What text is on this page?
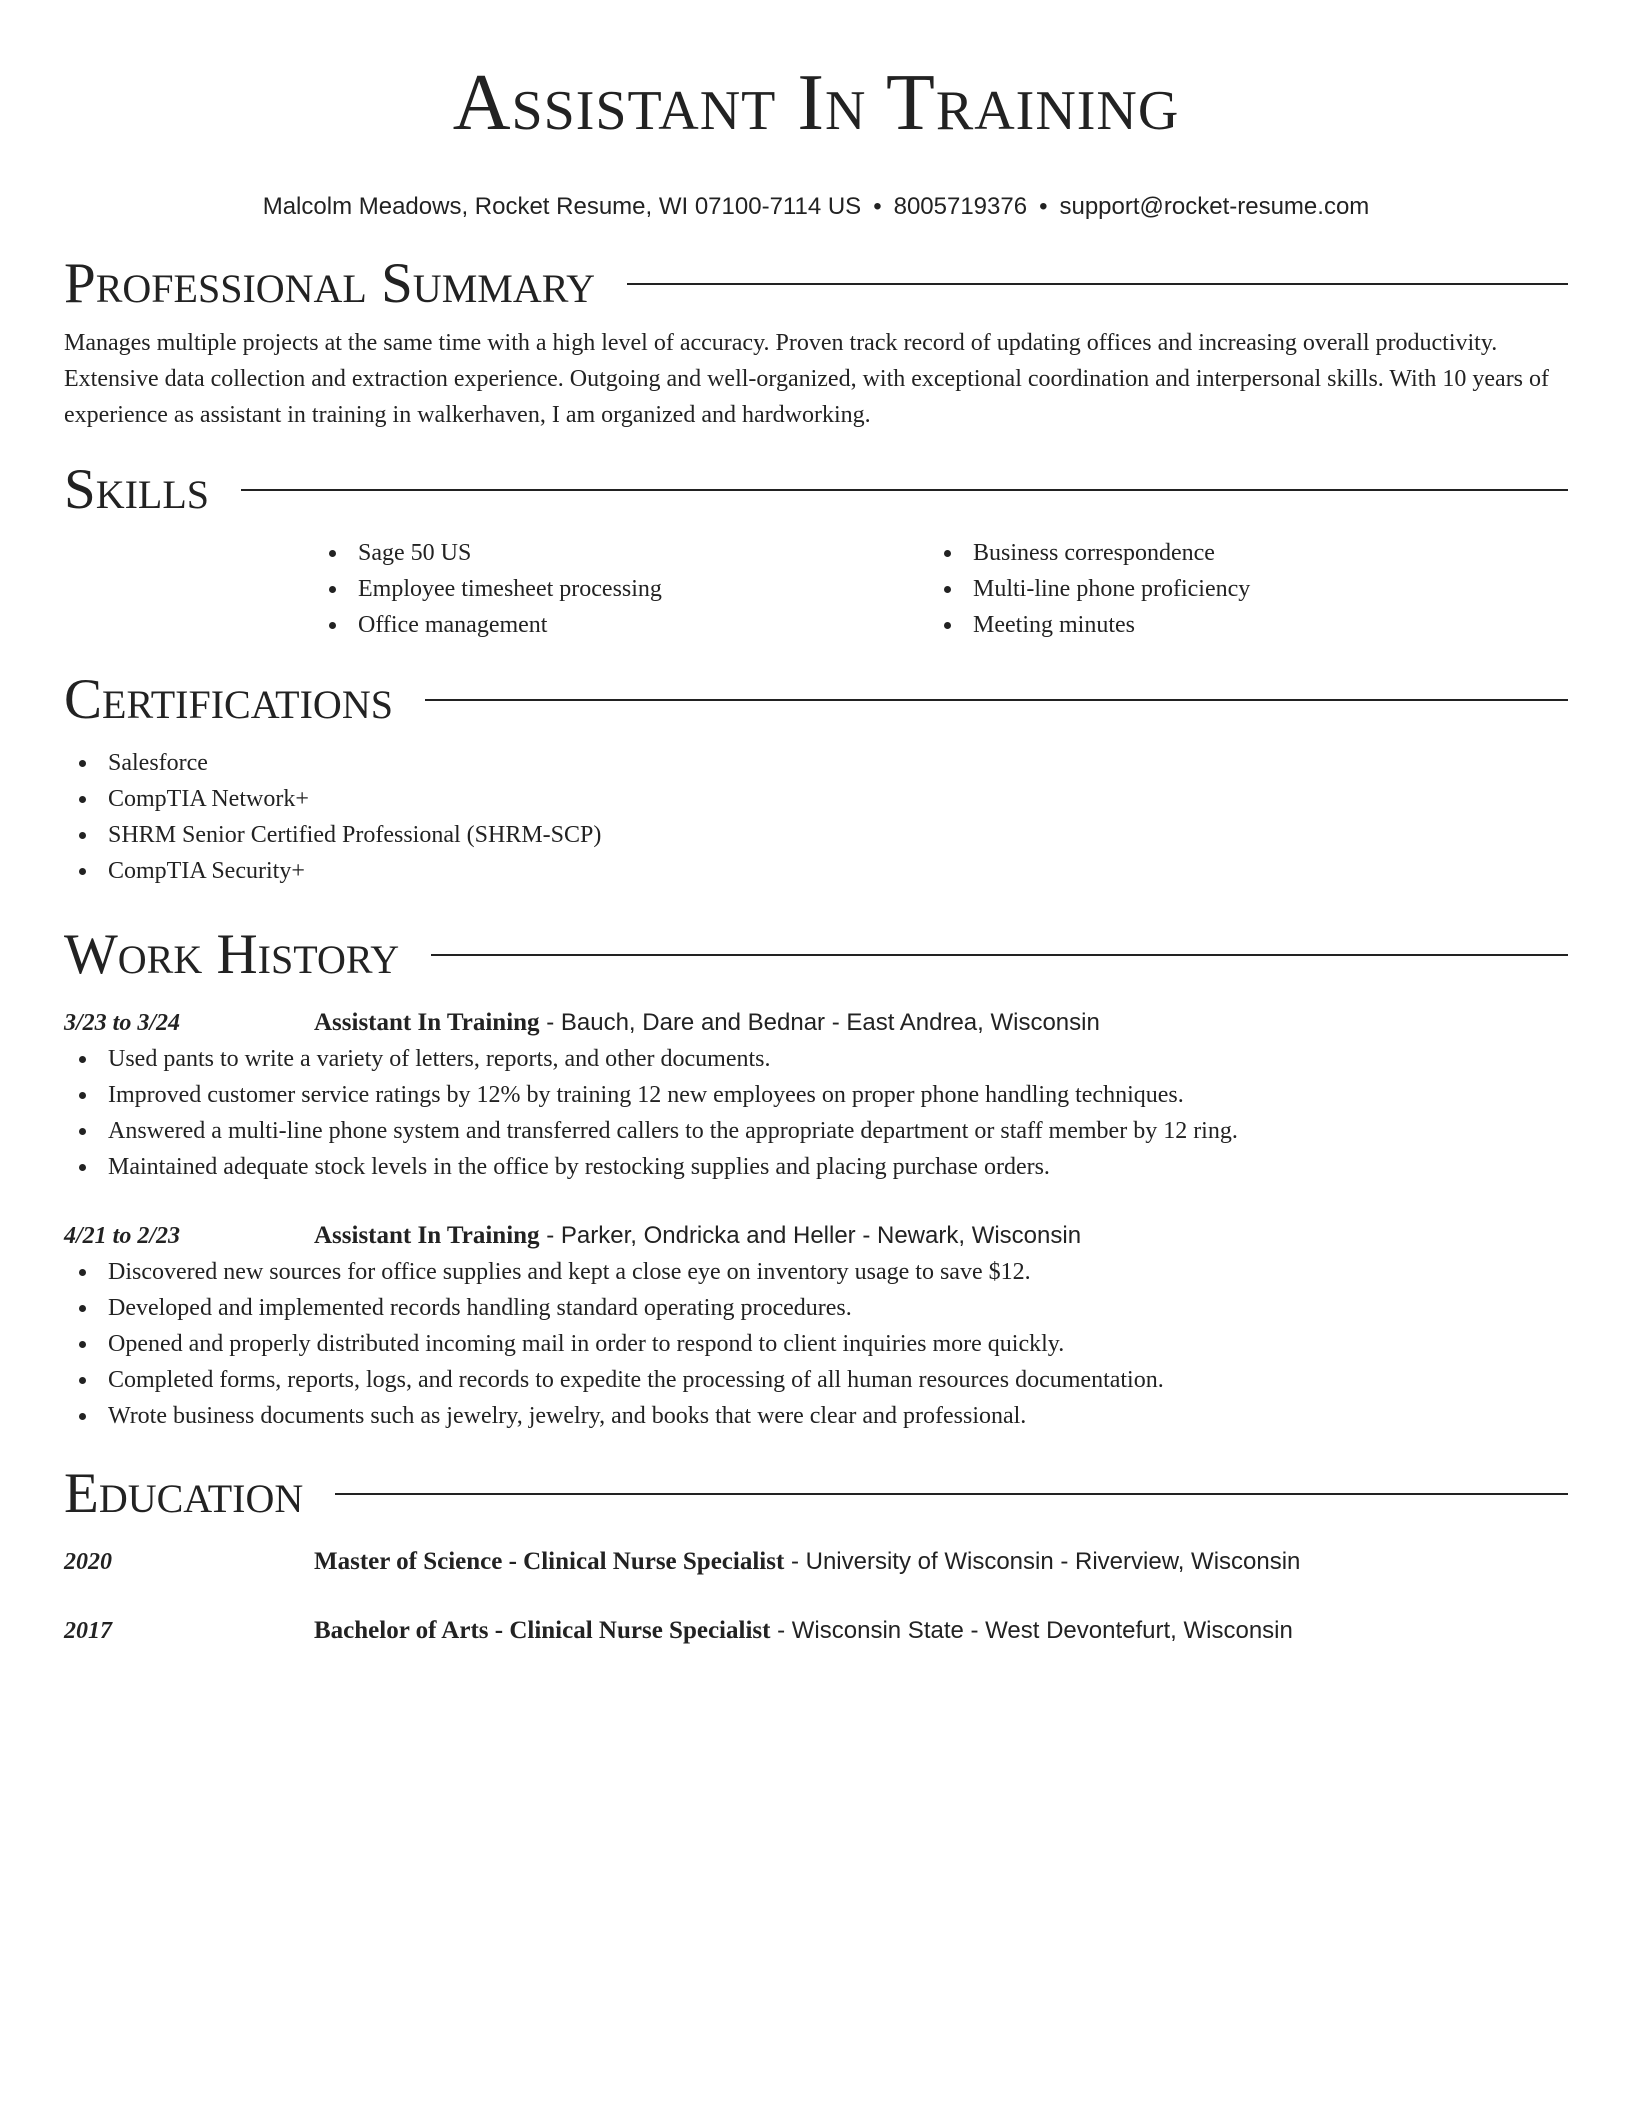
Assistant In Training
Malcolm Meadows, Rocket Resume, WI 07100-7114 US • 8005719376 • support@rocket-resume.com
Professional Summary

Manages multiple projects at the same time with a high level of accuracy. Proven track record of updating offices and increasing overall productivity. Extensive data collection and extraction experience. Outgoing and well-organized, with exceptional coordination and interpersonal skills. With 10 years of experience as assistant in training in walkerhaven, I am organized and hardworking.

Skills
Sage 50 US
Employee timesheet processing
Office management
Business correspondence
Multi-line phone proficiency
Meeting minutes
Certifications
Salesforce
CompTIA Network+
SHRM Senior Certified Professional (SHRM-SCP)
CompTIA Security+
Work History
3/23 to 3/24	Assistant In Training - Bauch, Dare and Bednar - East Andrea, Wisconsin
Used pants to write a variety of letters, reports, and other documents.
Improved customer service ratings by 12% by training 12 new employees on proper phone handling techniques.
Answered a multi-line phone system and transferred callers to the appropriate department or staff member by 12 ring.
Maintained adequate stock levels in the office by restocking supplies and placing purchase orders.
4/21 to 2/23	Assistant In Training - Parker, Ondricka and Heller - Newark, Wisconsin
Discovered new sources for office supplies and kept a close eye on inventory usage to save $12.
Developed and implemented records handling standard operating procedures.
Opened and properly distributed incoming mail in order to respond to client inquiries more quickly.
Completed forms, reports, logs, and records to expedite the processing of all human resources documentation.
Wrote business documents such as jewelry, jewelry, and books that were clear and professional.
Education
2020	Master of Science - Clinical Nurse Specialist - University of Wisconsin - Riverview, Wisconsin
2017	Bachelor of Arts - Clinical Nurse Specialist - Wisconsin State - West Devontefurt, Wisconsin
